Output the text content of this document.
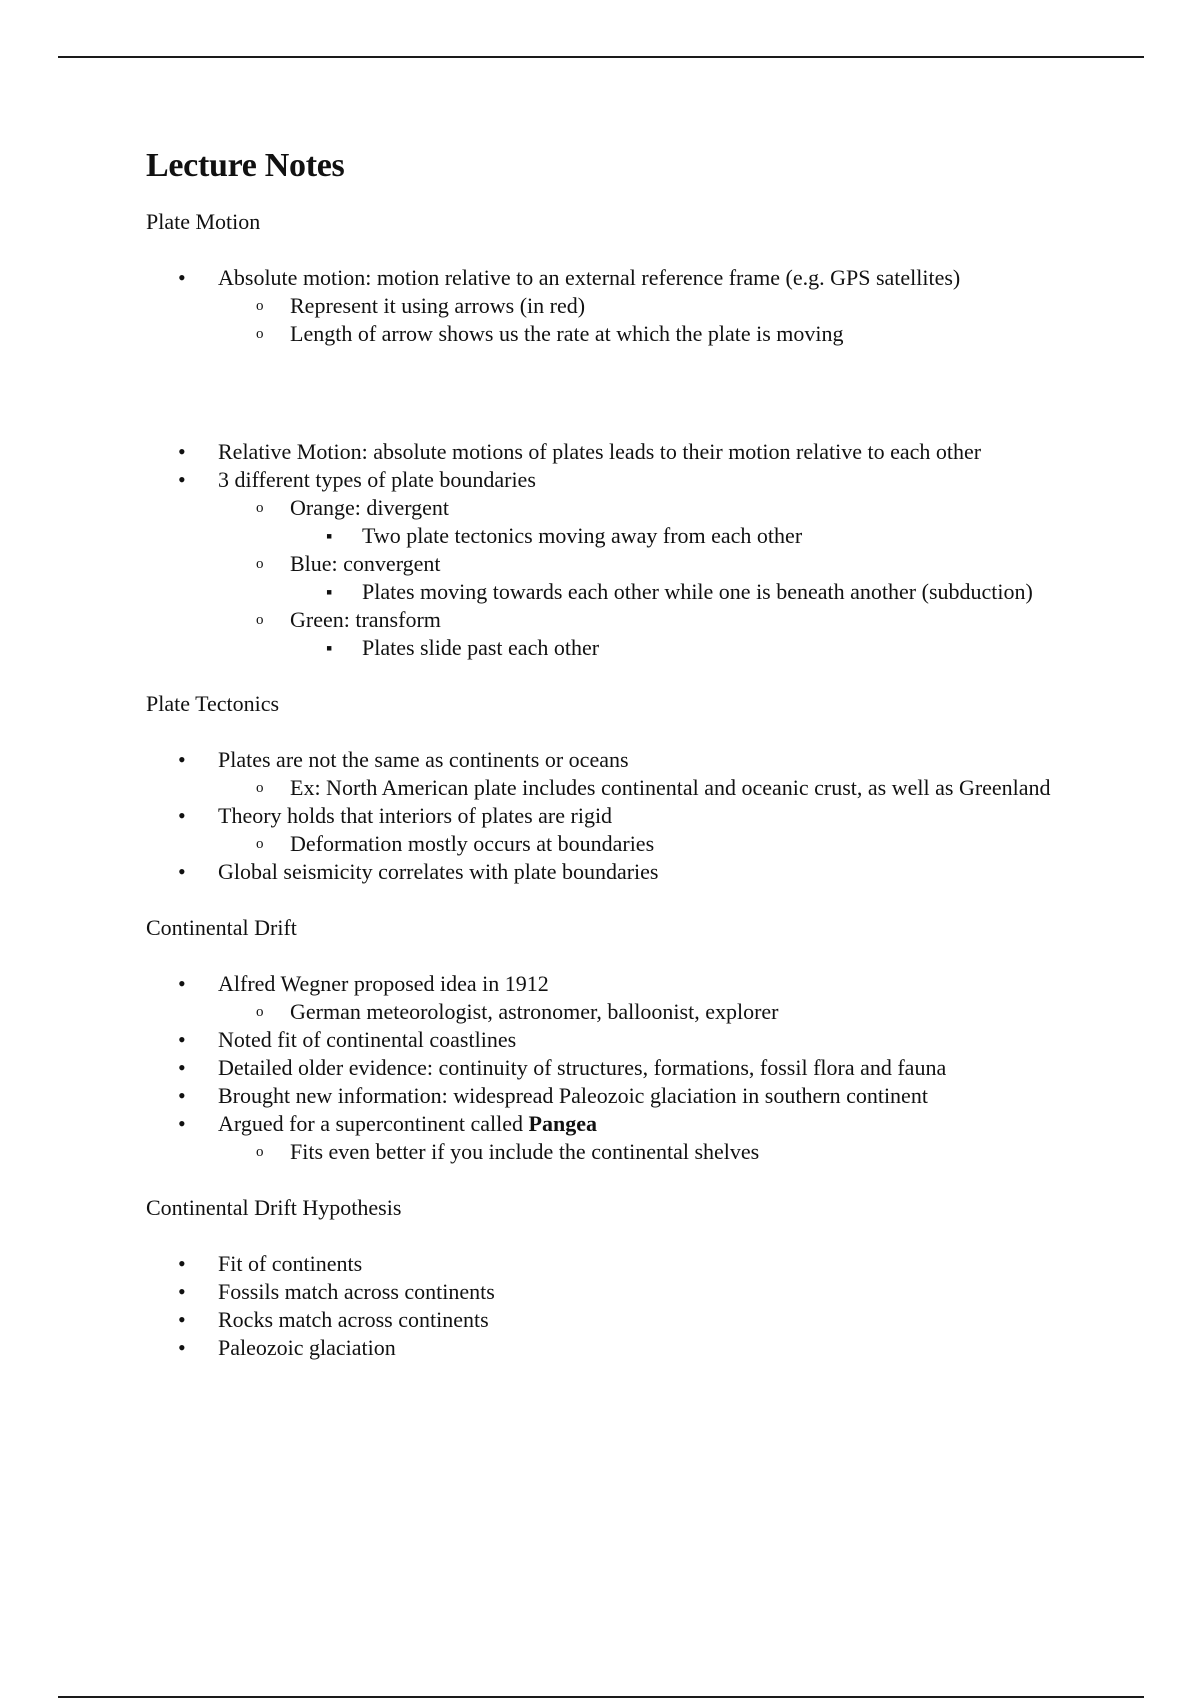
Lecture Notes
Plate Motion
• Absolute motion: motion relative to an external reference frame (e.g. GPS satellites)
o Represent it using arrows (in red)
o Length of arrow shows us the rate at which the plate is moving
• Relative Motion: absolute motions of plates leads to their motion relative to each other
• 3 different types of plate boundaries
o Orange: divergent
▪ Two plate tectonics moving away from each other
o Blue: convergent
▪ Plates moving towards each other while one is beneath another (subduction)
o Green: transform
▪ Plates slide past each other
Plate Tectonics
• Plates are not the same as continents or oceans
o Ex: North American plate includes continental and oceanic crust, as well as Greenland
• Theory holds that interiors of plates are rigid
o Deformation mostly occurs at boundaries
• Global seismicity correlates with plate boundaries
Continental Drift
• Alfred Wegner proposed idea in 1912
o German meteorologist, astronomer, balloonist, explorer
• Noted fit of continental coastlines
• Detailed older evidence: continuity of structures, formations, fossil flora and fauna
• Brought new information: widespread Paleozoic glaciation in southern continent
• Argued for a supercontinent called Pangea
o Fits even better if you include the continental shelves
Continental Drift Hypothesis
• Fit of continents
• Fossils match across continents
• Rocks match across continents
• Paleozoic glaciation
